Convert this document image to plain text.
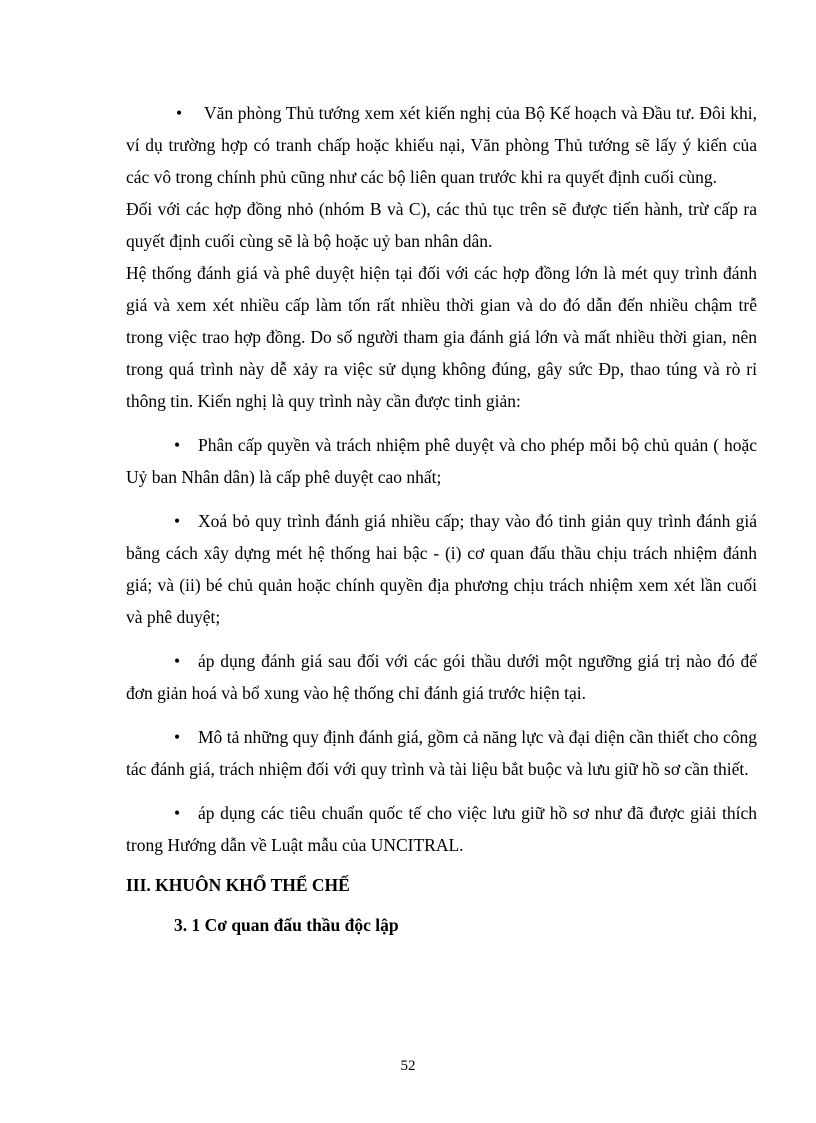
• Văn phòng Thủ tướng xem xét kiến nghị của Bộ Kế hoạch và Đầu tư. Đôi khi, ví dụ trường hợp có tranh chấp hoặc khiếu nại, Văn phòng Thủ tướng sẽ lấy ý kiến của các vô trong chính phủ cũng như các bộ liên quan trước khi ra quyết định cuối cùng.

Đối với các hợp đồng nhỏ (nhóm B và C), các thủ tục trên sẽ được tiến hành, trừ cấp ra quyết định cuối cùng sẽ là bộ hoặc uỷ ban nhân dân.

Hệ thống đánh giá và phê duyệt hiện tại đối với các hợp đồng lớn là mét quy trình đánh giá và xem xét nhiều cấp làm tốn rất nhiều thời gian và do đó dẫn đến nhiều chậm trễ trong việc trao hợp đồng. Do số người tham gia đánh giá lớn và mất nhiều thời gian, nên trong quá trình này dễ xảy ra việc sử dụng không đúng, gây sức Ðp, thao túng và rò rỉ thông tin. Kiến nghị là quy trình này cần được tinh giản:

• Phân cấp quyền và trách nhiệm phê duyệt và cho phép mỗi bộ chủ quản ( hoặc Uỷ ban Nhân dân) là cấp phê duyệt cao nhất;

• Xoá bỏ quy trình đánh giá nhiều cấp; thay vào đó tinh giản quy trình đánh giá bằng cách xây dựng mét hệ thống hai bậc - (i) cơ quan đấu thầu chịu trách nhiệm đánh giá; và (ii) bé chủ quản hoặc chính quyền địa phương chịu trách nhiệm xem xét lần cuối và phê duyệt;

• áp dụng đánh giá sau đối với các gói thầu dưới một ngưỡng giá trị nào đó để đơn giản hoá và bổ xung vào hệ thống chỉ đánh giá trước hiện tại.

• Mô tả những quy định đánh giá, gồm cả năng lực và đại diện cần thiết cho công tác đánh giá, trách nhiệm đối với quy trình và tài liệu bắt buộc và lưu giữ hồ sơ cần thiết.

• áp dụng các tiêu chuẩn quốc tế cho việc lưu giữ hồ sơ như đã được giải thích trong Hướng dẫn về Luật mẫu của UNCITRAL.

III. KHUÔN KHỔ THỂ CHẾ

3. 1 Cơ quan đấu thầu độc lập

52
